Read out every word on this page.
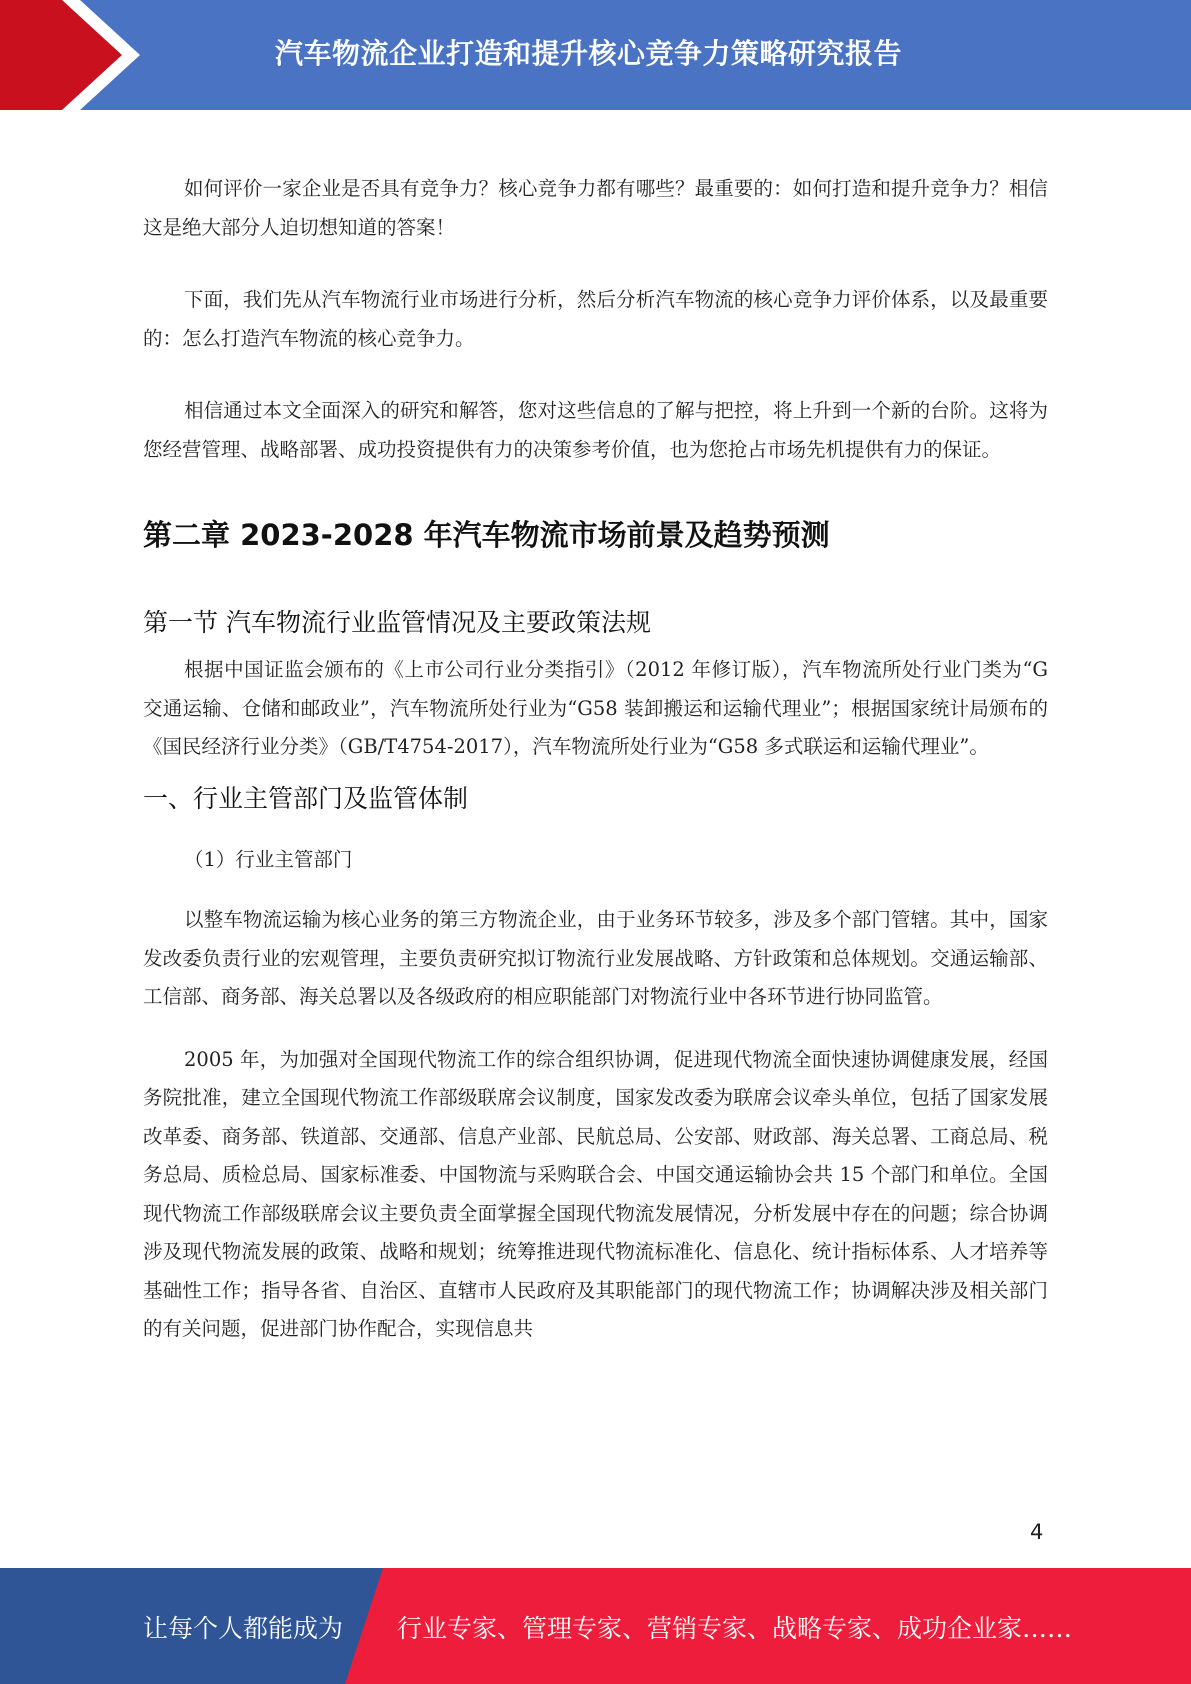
汽车物流企业打造和提升核心竞争力策略研究报告

如何评价一家企业是否具有竞争力？核心竞争力都有哪些？最重要的：如何打造和提升竞争力？相信这是绝大部分人迫切想知道的答案！

下面，我们先从汽车物流行业市场进行分析，然后分析汽车物流的核心竞争力评价体系，以及最重要的：怎么打造汽车物流的核心竞争力。

相信通过本文全面深入的研究和解答，您对这些信息的了解与把控，将上升到一个新的台阶。这将为您经营管理、战略部署、成功投资提供有力的决策参考价值，也为您抢占市场先机提供有力的保证。

第二章 2023-2028 年汽车物流市场前景及趋势预测
第一节 汽车物流行业监管情况及主要政策法规

根据中国证监会颁布的《上市公司行业分类指引》（2012 年修订版），汽车物流所处行业门类为“G 交通运输、仓储和邮政业”，汽车物流所处行业为“G58 装卸搬运和运输代理业”；根据国家统计局颁布的《国民经济行业分类》（GB/T4754-2017），汽车物流所处行业为“G58 多式联运和运输代理业”。

一、行业主管部门及监管体制

（1）行业主管部门

以整车物流运输为核心业务的第三方物流企业，由于业务环节较多，涉及多个部门管辖。其中，国家发改委负责行业的宏观管理，主要负责研究拟订物流行业发展战略、方针政策和总体规划。交通运输部、工信部、商务部、海关总署以及各级政府的相应职能部门对物流行业中各环节进行协同监管。

2005 年，为加强对全国现代物流工作的综合组织协调，促进现代物流全面快速协调健康发展，经国务院批准，建立全国现代物流工作部级联席会议制度，国家发改委为联席会议牵头单位，包括了国家发展改革委、商务部、铁道部、交通部、信息产业部、民航总局、公安部、财政部、海关总署、工商总局、税务总局、质检总局、国家标准委、中国物流与采购联合会、中国交通运输协会共 15 个部门和单位。全国现代物流工作部级联席会议主要负责全面掌握全国现代物流发展情况，分析发展中存在的问题；综合协调涉及现代物流发展的政策、战略和规划；统筹推进现代物流标准化、信息化、统计指标体系、人才培养等基础性工作；指导各省、自治区、直辖市人民政府及其职能部门的现代物流工作；协调解决涉及相关部门的有关问题，促进部门协作配合，实现信息共

4
让每个人都能成为 行业专家、管理专家、营销专家、战略专家、成功企业家……
